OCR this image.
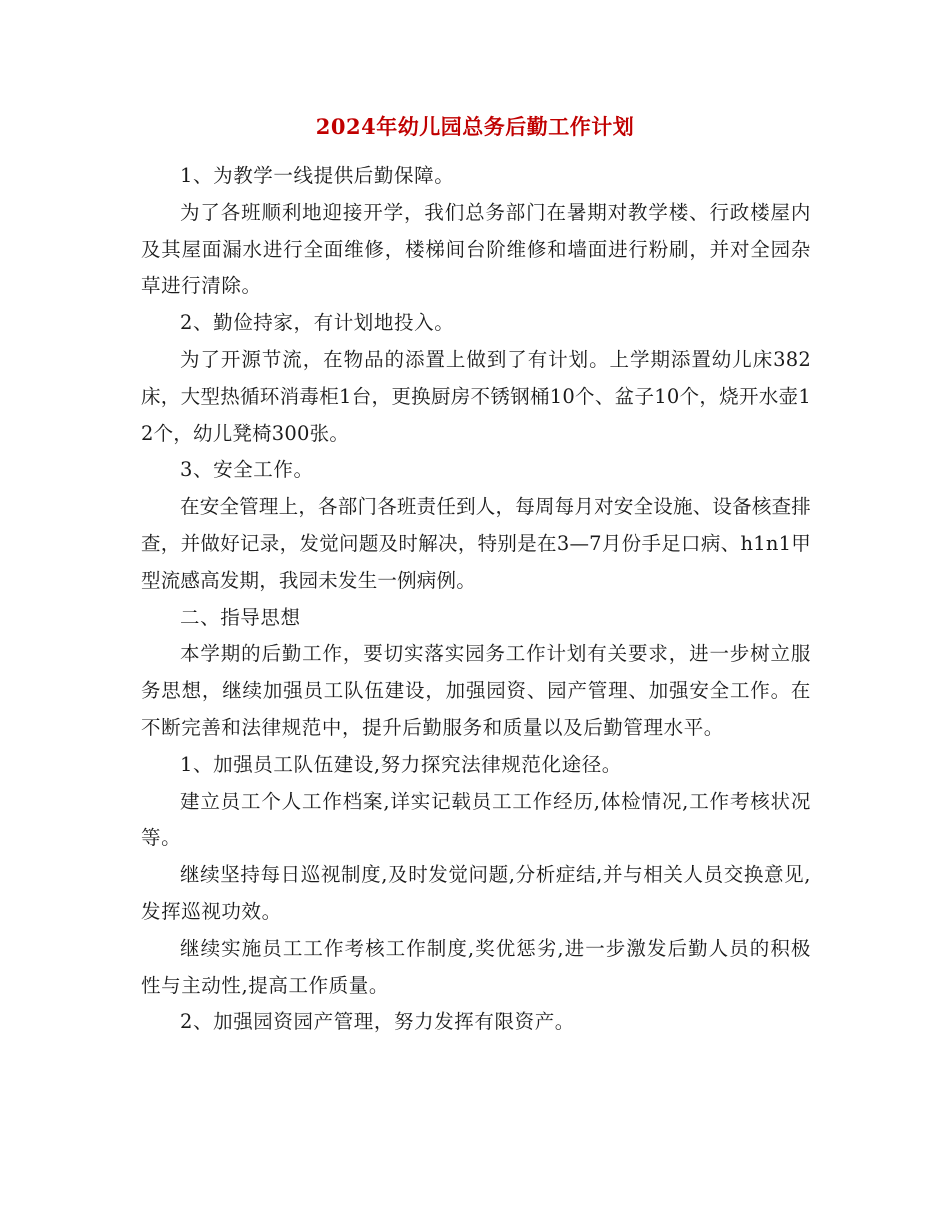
2024年幼儿园总务后勤工作计划

1、为教学一线提供后勤保障。

为了各班顺利地迎接开学，我们总务部门在暑期对教学楼、行政楼屋内及其屋面漏水进行全面维修，楼梯间台阶维修和墙面进行粉刷，并对全园杂草进行清除。

2、勤俭持家，有计划地投入。

为了开源节流，在物品的添置上做到了有计划。上学期添置幼儿床382床，大型热循环消毒柜1台，更换厨房不锈钢桶10个、盆子10个，烧开水壶12个，幼儿凳椅300张。

3、安全工作。

在安全管理上，各部门各班责任到人，每周每月对安全设施、设备核查排查，并做好记录，发觉问题及时解决，特别是在3—7月份手足口病、h1n1甲型流感高发期，我园未发生一例病例。

二、指导思想

本学期的后勤工作，要切实落实园务工作计划有关要求，进一步树立服务思想，继续加强员工队伍建设，加强园资、园产管理、加强安全工作。在不断完善和法律规范中，提升后勤服务和质量以及后勤管理水平。

1、加强员工队伍建设,努力探究法律规范化途径。

建立员工个人工作档案,详实记载员工工作经历,体检情况,工作考核状况等。

继续坚持每日巡视制度,及时发觉问题,分析症结,并与相关人员交换意见,发挥巡视功效。

继续实施员工工作考核工作制度,奖优惩劣,进一步激发后勤人员的积极性与主动性,提高工作质量。

2、加强园资园产管理，努力发挥有限资产。
